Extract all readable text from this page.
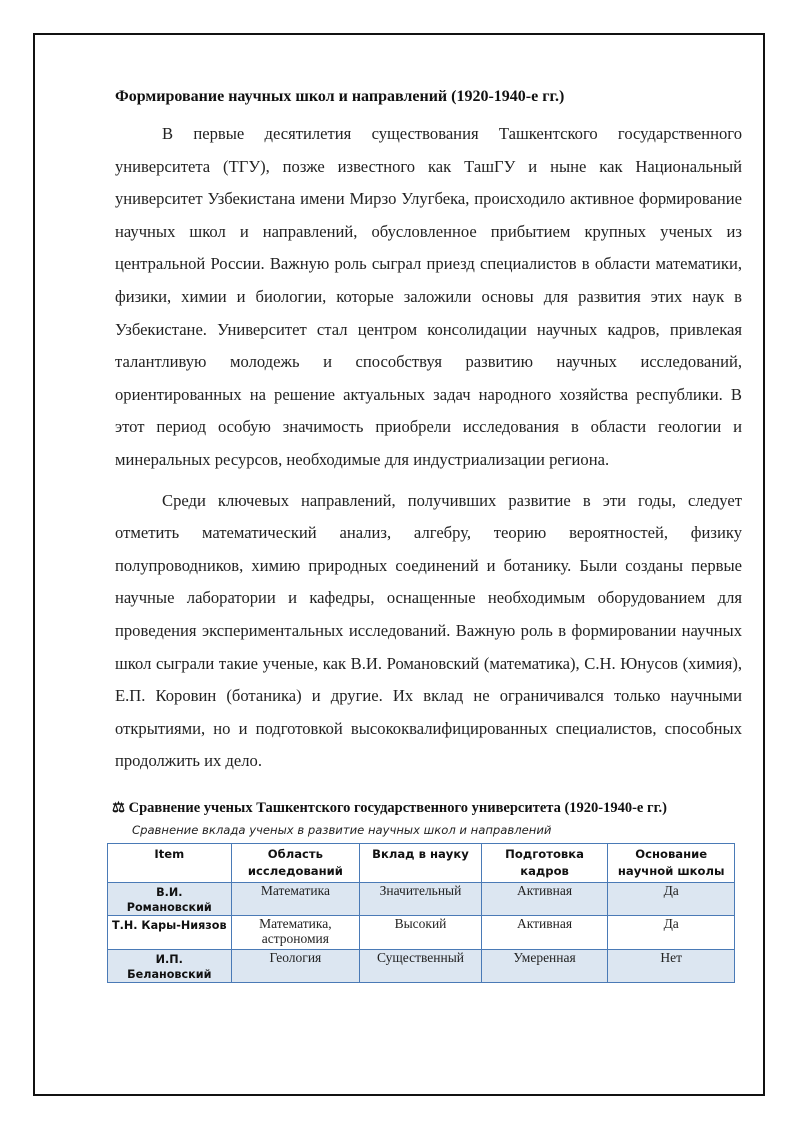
Формирование научных школ и направлений (1920-1940-е гг.)

В первые десятилетия существования Ташкентского государственного университета (ТГУ), позже известного как ТашГУ и ныне как Национальный университет Узбекистана имени Мирзо Улугбека, происходило активное формирование научных школ и направлений, обусловленное прибытием крупных ученых из центральной России. Важную роль сыграл приезд специалистов в области математики, физики, химии и биологии, которые заложили основы для развития этих наук в Узбекистане. Университет стал центром консолидации научных кадров, привлекая талантливую молодежь и способствуя развитию научных исследований, ориентированных на решение актуальных задач народного хозяйства республики. В этот период особую значимость приобрели исследования в области геологии и минеральных ресурсов, необходимые для индустриализации региона.

Среди ключевых направлений, получивших развитие в эти годы, следует отметить математический анализ, алгебру, теорию вероятностей, физику полупроводников, химию природных соединений и ботанику. Были созданы первые научные лаборатории и кафедры, оснащенные необходимым оборудованием для проведения экспериментальных исследований. Важную роль в формировании научных школ сыграли такие ученые, как В.И. Романовский (математика), С.Н. Юнусов (химия), Е.П. Коровин (ботаника) и другие. Их вклад не ограничивался только научными открытиями, но и подготовкой высококвалифицированных специалистов, способных продолжить их дело.

⚖ Сравнение ученых Ташкентского государственного университета (1920-1940-е гг.)
Сравнение вклада ученых в развитие научных школ и направлений
Item	Область исследований	Вклад в науку	Подготовка кадров	Основание научной школы
В.И. Романовский	Математика	Значительный	Активная	Да
Т.Н. Кары-Ниязов	Математика, астрономия	Высокий	Активная	Да
И.П. Белановский	Геология	Существенный	Умеренная	Нет
